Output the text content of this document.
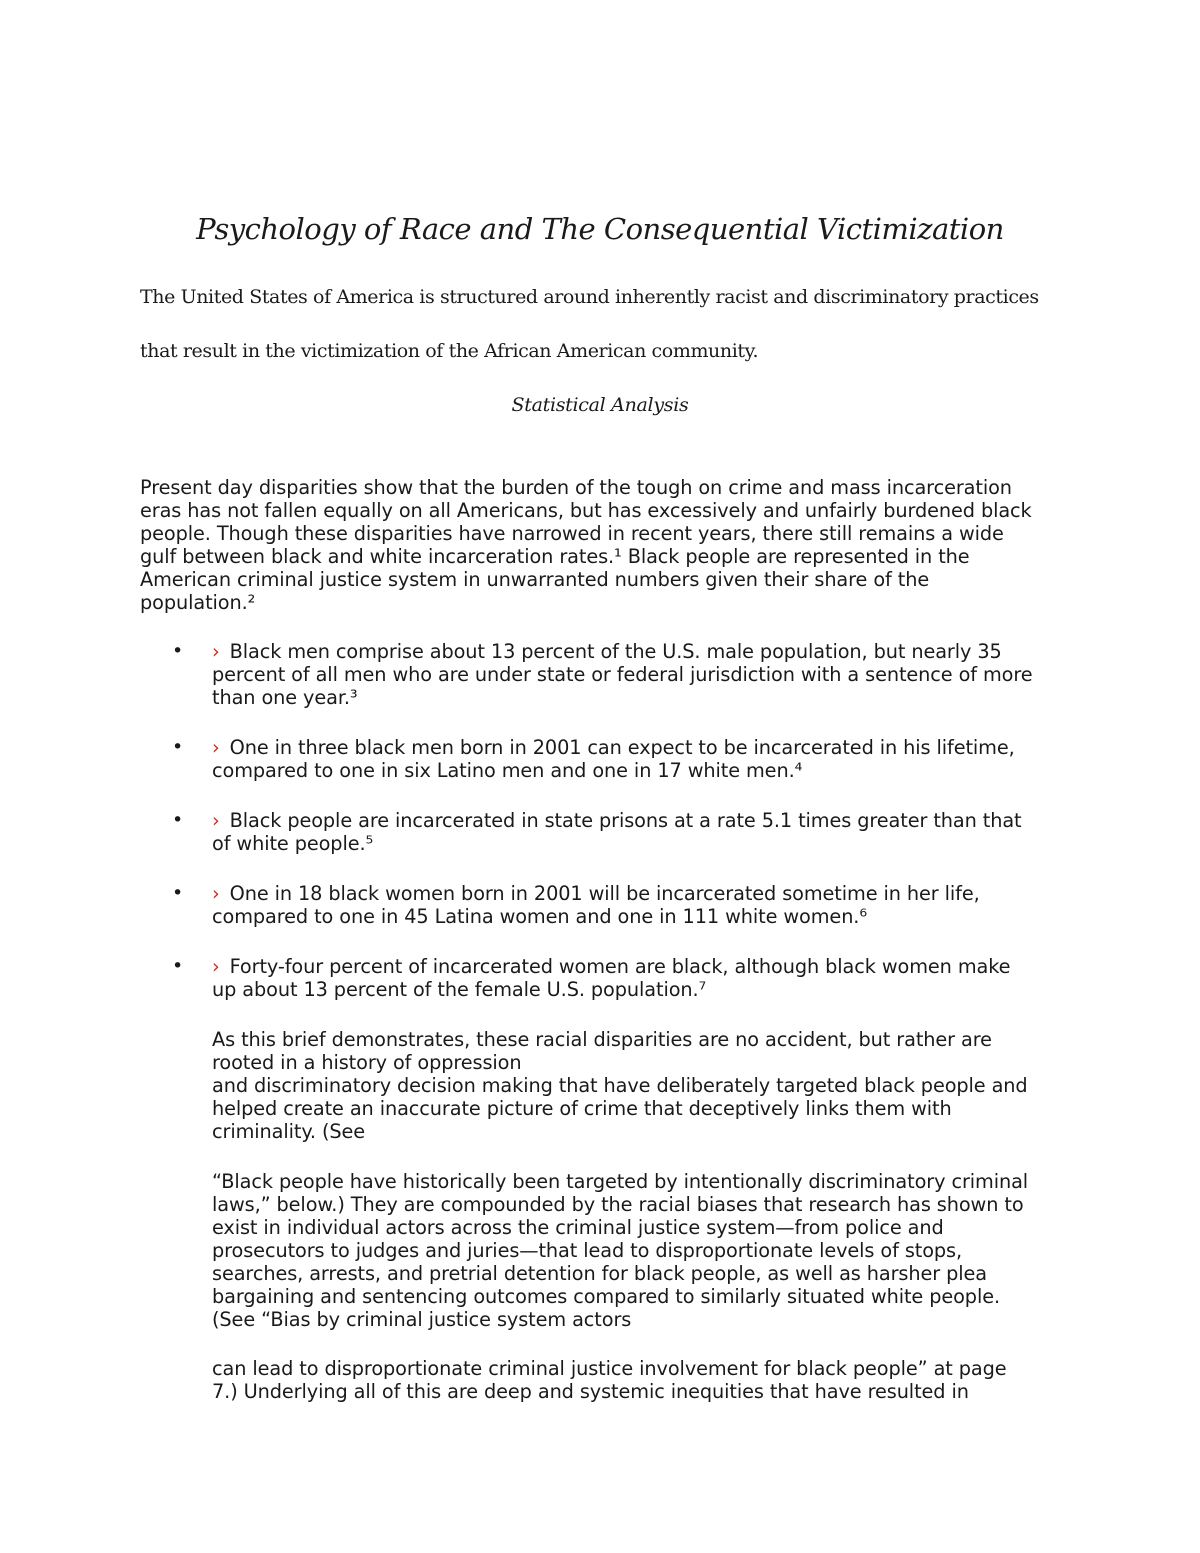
Psychology of Race and The Consequential Victimization

The United States of America is structured around inherently racist and discriminatory practices

that result in the victimization of the African American community.

Statistical Analysis

Present day disparities show that the burden of the tough on crime and mass incarceration
eras has not fallen equally on all Americans, but has excessively and unfairly burdened black
people. Though these disparities have narrowed in recent years, there still remains a wide
gulf between black and white incarceration rates.¹ Black people are represented in the
American criminal justice system in unwarranted numbers given their share of the
population.²

• › Black men comprise about 13 percent of the U.S. male population, but nearly 35
percent of all men who are under state or federal jurisdiction with a sentence of more
than one year.³

• › One in three black men born in 2001 can expect to be incarcerated in his lifetime,
compared to one in six Latino men and one in 17 white men.⁴

• › Black people are incarcerated in state prisons at a rate 5.1 times greater than that
of white people.⁵

• › One in 18 black women born in 2001 will be incarcerated sometime in her life,
compared to one in 45 Latina women and one in 111 white women.⁶

• › Forty-four percent of incarcerated women are black, although black women make
up about 13 percent of the female U.S. population.⁷

As this brief demonstrates, these racial disparities are no accident, but rather are
rooted in a history of oppression
and discriminatory decision making that have deliberately targeted black people and
helped create an inaccurate picture of crime that deceptively links them with
criminality. (See

“Black people have historically been targeted by intentionally discriminatory criminal
laws,” below.) They are compounded by the racial biases that research has shown to
exist in individual actors across the criminal justice system—from police and
prosecutors to judges and juries—that lead to disproportionate levels of stops,
searches, arrests, and pretrial detention for black people, as well as harsher plea
bargaining and sentencing outcomes compared to similarly situated white people.
(See “Bias by criminal justice system actors

can lead to disproportionate criminal justice involvement for black people” at page
7.) Underlying all of this are deep and systemic inequities that have resulted in
